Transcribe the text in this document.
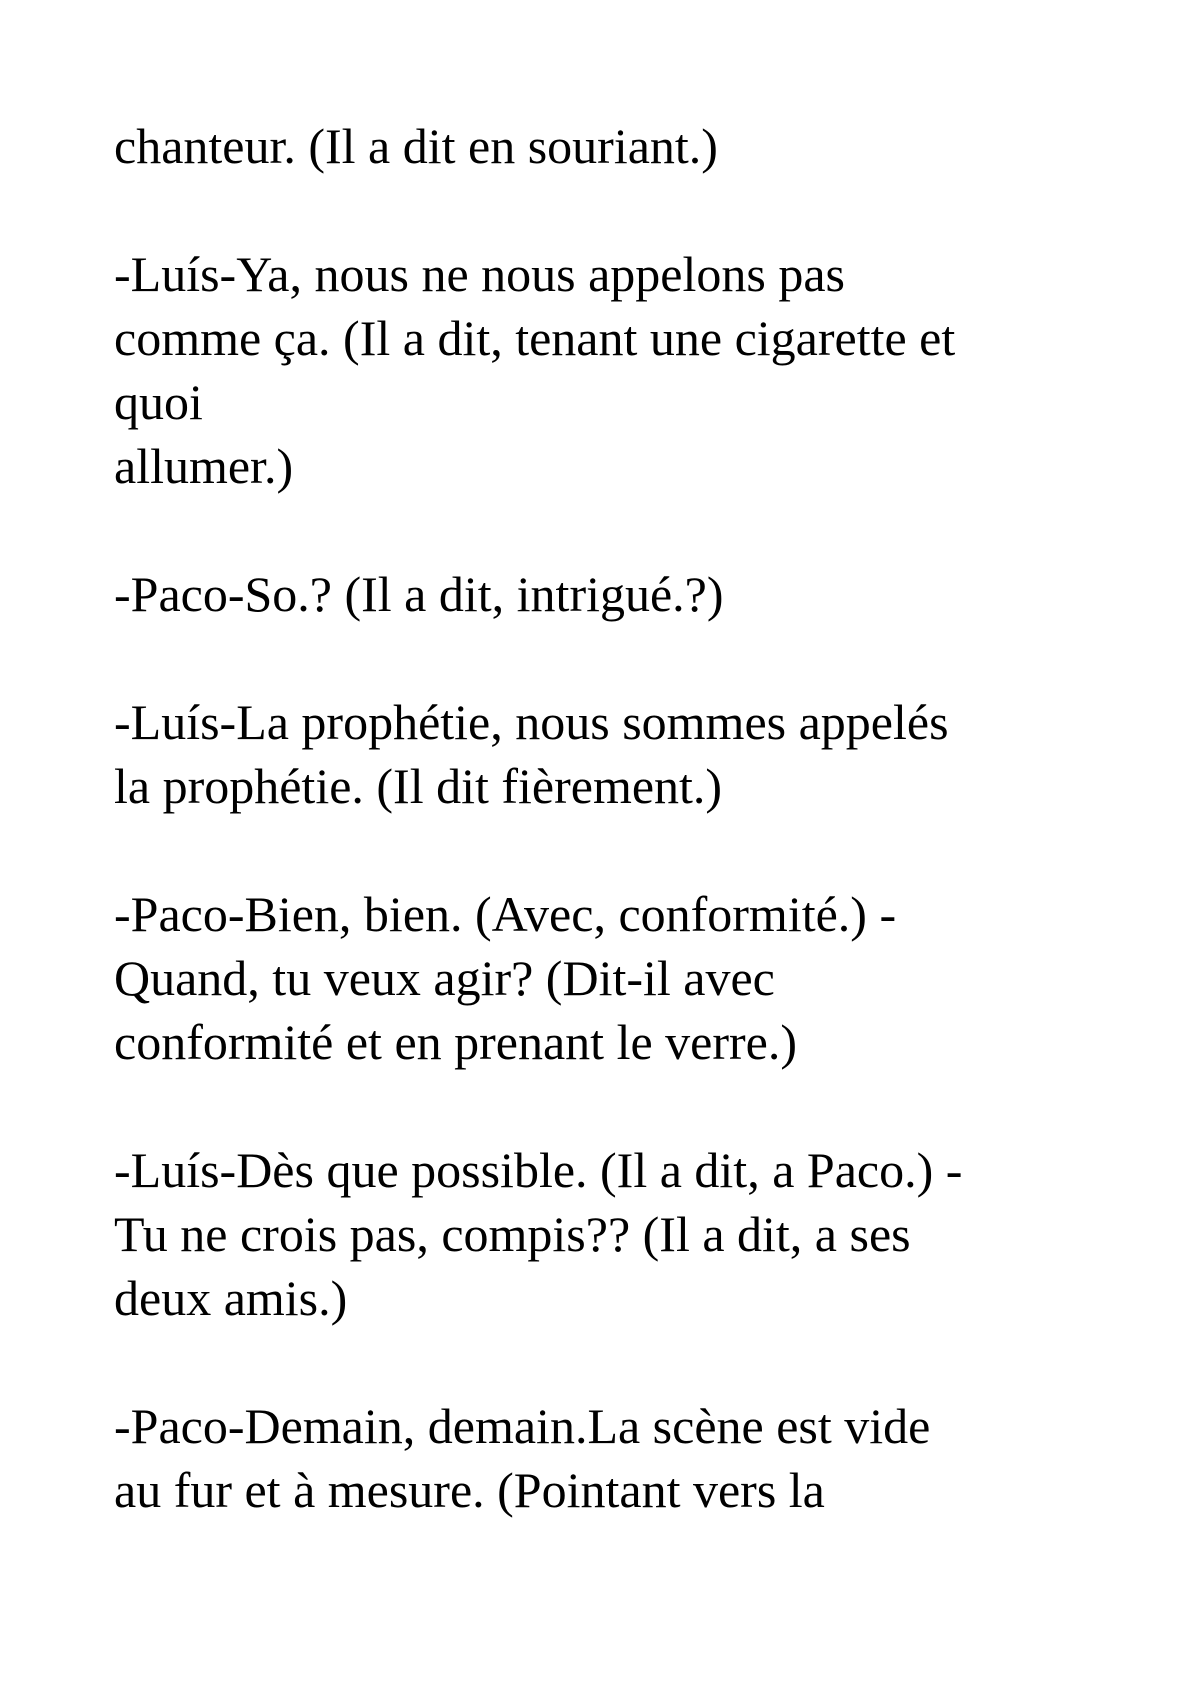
chanteur. (Il a dit en souriant.)
-Luís-Ya, nous ne nous appelons pas
comme ça. (Il a dit, tenant une cigarette et
quoi
allumer.)
-Paco-So.? (Il a dit, intrigué.?)
-Luís-La prophétie, nous sommes appelés
la prophétie. (Il dit fièrement.)
-Paco-Bien, bien. (Avec, conformité.) -
Quand, tu veux agir? (Dit-il avec
conformité et en prenant le verre.)
-Luís-Dès que possible. (Il a dit, a Paco.) -
Tu ne crois pas, compis?? (Il a dit, a ses
deux amis.)
-Paco-Demain, demain.La scène est vide
au fur et à mesure. (Pointant vers la
